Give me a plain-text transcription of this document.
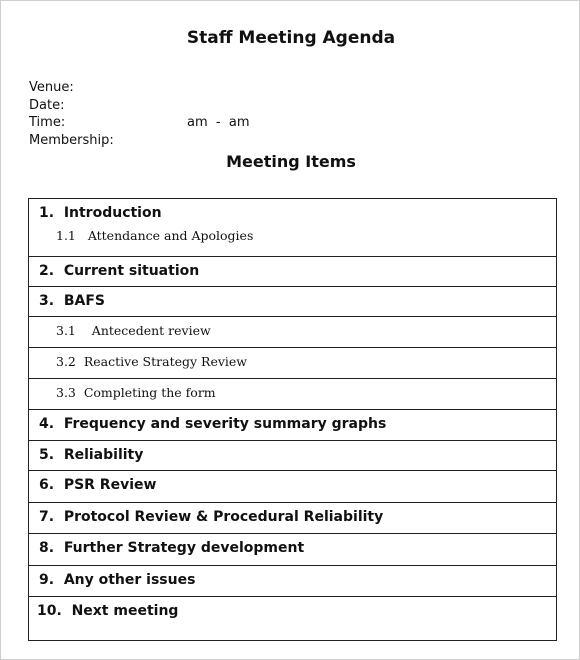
Staff Meeting Agenda
Venue:
Date:
Time:	am  -  am
Membership:
Meeting Items
1. Introduction
1.1 Attendance and Apologies
2. Current situation
3. BAFS
3.1 Antecedent review
3.2 Reactive Strategy Review
3.3 Completing the form
4. Frequency and severity summary graphs
5. Reliability
6. PSR Review
7. Protocol Review & Procedural Reliability
8. Further Strategy development
9. Any other issues
10. Next meeting
